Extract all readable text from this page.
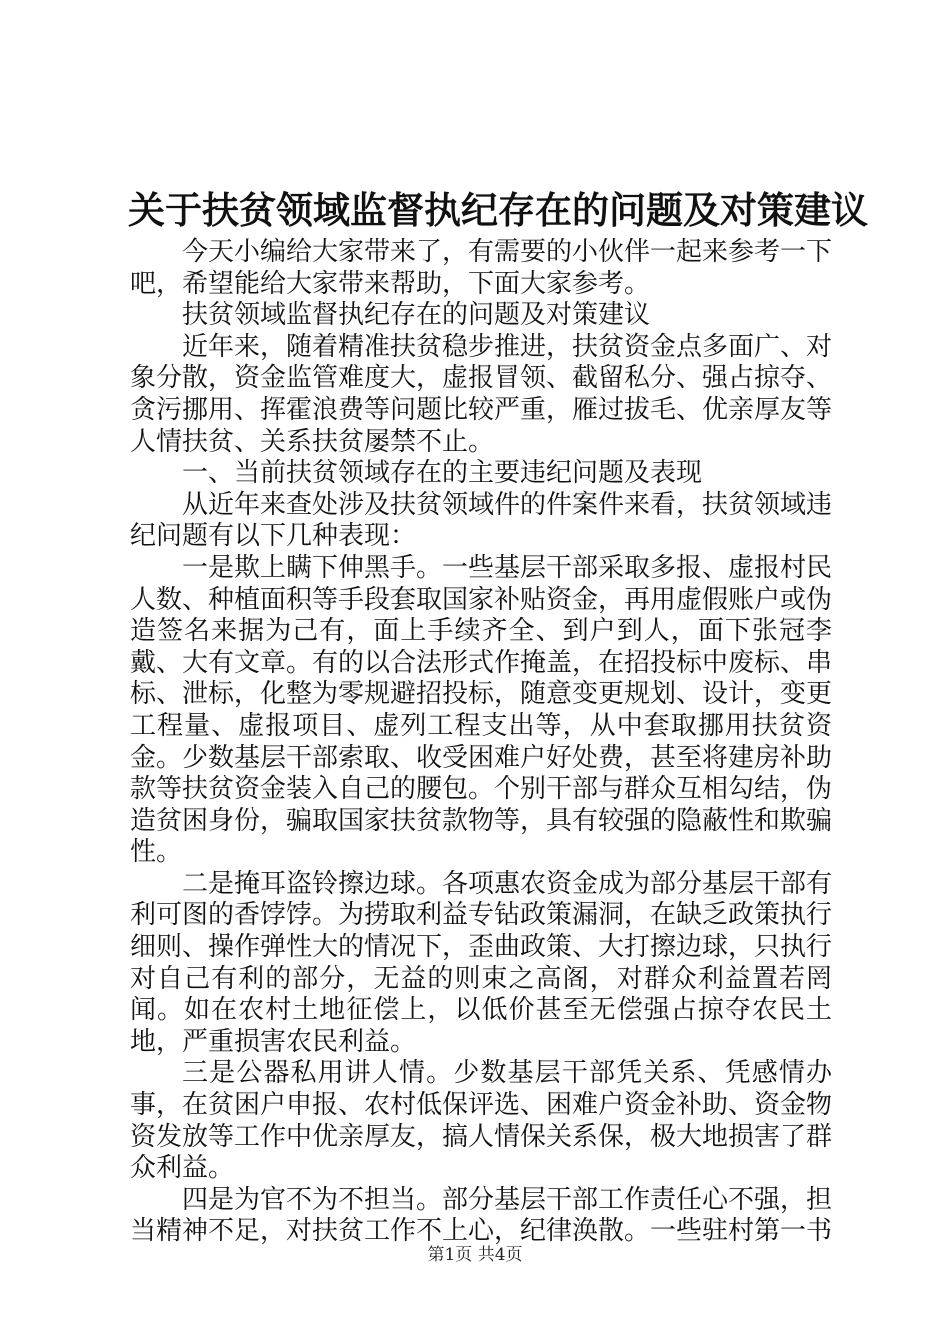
关于扶贫领域监督执纪存在的问题及对策建议

今天小编给大家带来了，有需要的小伙伴一起来参考一下吧，希望能给大家带来帮助，下面大家参考。

扶贫领域监督执纪存在的问题及对策建议

近年来，随着精准扶贫稳步推进，扶贫资金点多面广、对象分散，资金监管难度大，虚报冒领、截留私分、强占掠夺、贪污挪用、挥霍浪费等问题比较严重，雁过拔毛、优亲厚友等人情扶贫、关系扶贫屡禁不止。

一、当前扶贫领域存在的主要违纪问题及表现

从近年来查处涉及扶贫领域件的件案件来看，扶贫领域违纪问题有以下几种表现：

一是欺上瞒下伸黑手。一些基层干部采取多报、虚报村民人数、种植面积等手段套取国家补贴资金，再用虚假账户或伪造签名来据为己有，面上手续齐全、到户到人，面下张冠李戴、大有文章。有的以合法形式作掩盖，在招投标中废标、串标、泄标，化整为零规避招投标，随意变更规划、设计，变更工程量、虚报项目、虚列工程支出等，从中套取挪用扶贫资金。少数基层干部索取、收受困难户好处费，甚至将建房补助款等扶贫资金装入自己的腰包。个别干部与群众互相勾结，伪造贫困身份，骗取国家扶贫款物等，具有较强的隐蔽性和欺骗性。

二是掩耳盗铃擦边球。各项惠农资金成为部分基层干部有利可图的香饽饽。为捞取利益专钻政策漏洞，在缺乏政策执行细则、操作弹性大的情况下，歪曲政策、大打擦边球，只执行对自己有利的部分，无益的则束之高阁，对群众利益置若罔闻。如在农村土地征偿上，以低价甚至无偿强占掠夺农民土地，严重损害农民利益。

三是公器私用讲人情。少数基层干部凭关系、凭感情办事，在贫困户申报、农村低保评选、困难户资金补助、资金物资发放等工作中优亲厚友，搞人情保关系保，极大地损害了群众利益。

四是为官不为不担当。部分基层干部工作责任心不强，担当精神不足，对扶贫工作不上心，纪律涣散。一些驻村第一书

第1页 共4页
